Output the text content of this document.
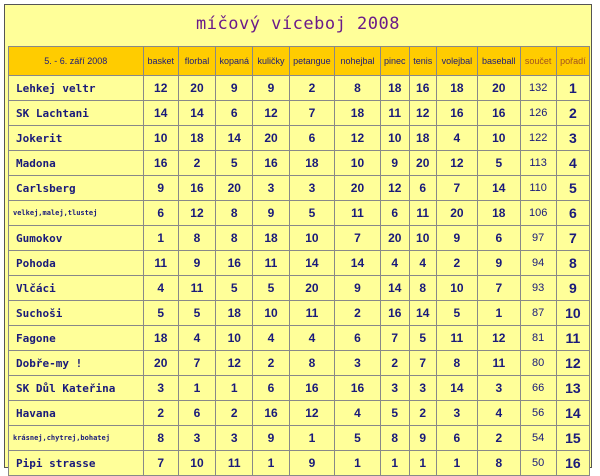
míčový víceboj 2008
5. - 6. září 2008	basket	florbal	kopaná	kuličky	petangue	nohejbal	pinec	tenis	volejbal	baseball	součet	pořadí
Lehkej veltr	12	20	9	9	2	8	18	16	18	20	132	1
SK Lachtani	14	14	6	12	7	18	11	12	16	16	126	2
Jokerit	10	18	14	20	6	12	10	18	4	10	122	3
Madona	16	2	5	16	18	10	9	20	12	5	113	4
Carlsberg	9	16	20	3	3	20	12	6	7	14	110	5
velkej,malej,tlustej	6	12	8	9	5	11	6	11	20	18	106	6
Gumokov	1	8	8	18	10	7	20	10	9	6	97	7
Pohoda	11	9	16	11	14	14	4	4	2	9	94	8
Vlčáci	4	11	5	5	20	9	14	8	10	7	93	9
Suchoši	5	5	18	10	11	2	16	14	5	1	87	10
Fagone	18	4	10	4	4	6	7	5	11	12	81	11
Dobře-my !	20	7	12	2	8	3	2	7	8	11	80	12
SK Důl Kateřina	3	1	1	6	16	16	3	3	14	3	66	13
Havana	2	6	2	16	12	4	5	2	3	4	56	14
krásnej,chytrej,bohatej	8	3	3	9	1	5	8	9	6	2	54	15
Pipi strasse	7	10	11	1	9	1	1	1	1	8	50	16
